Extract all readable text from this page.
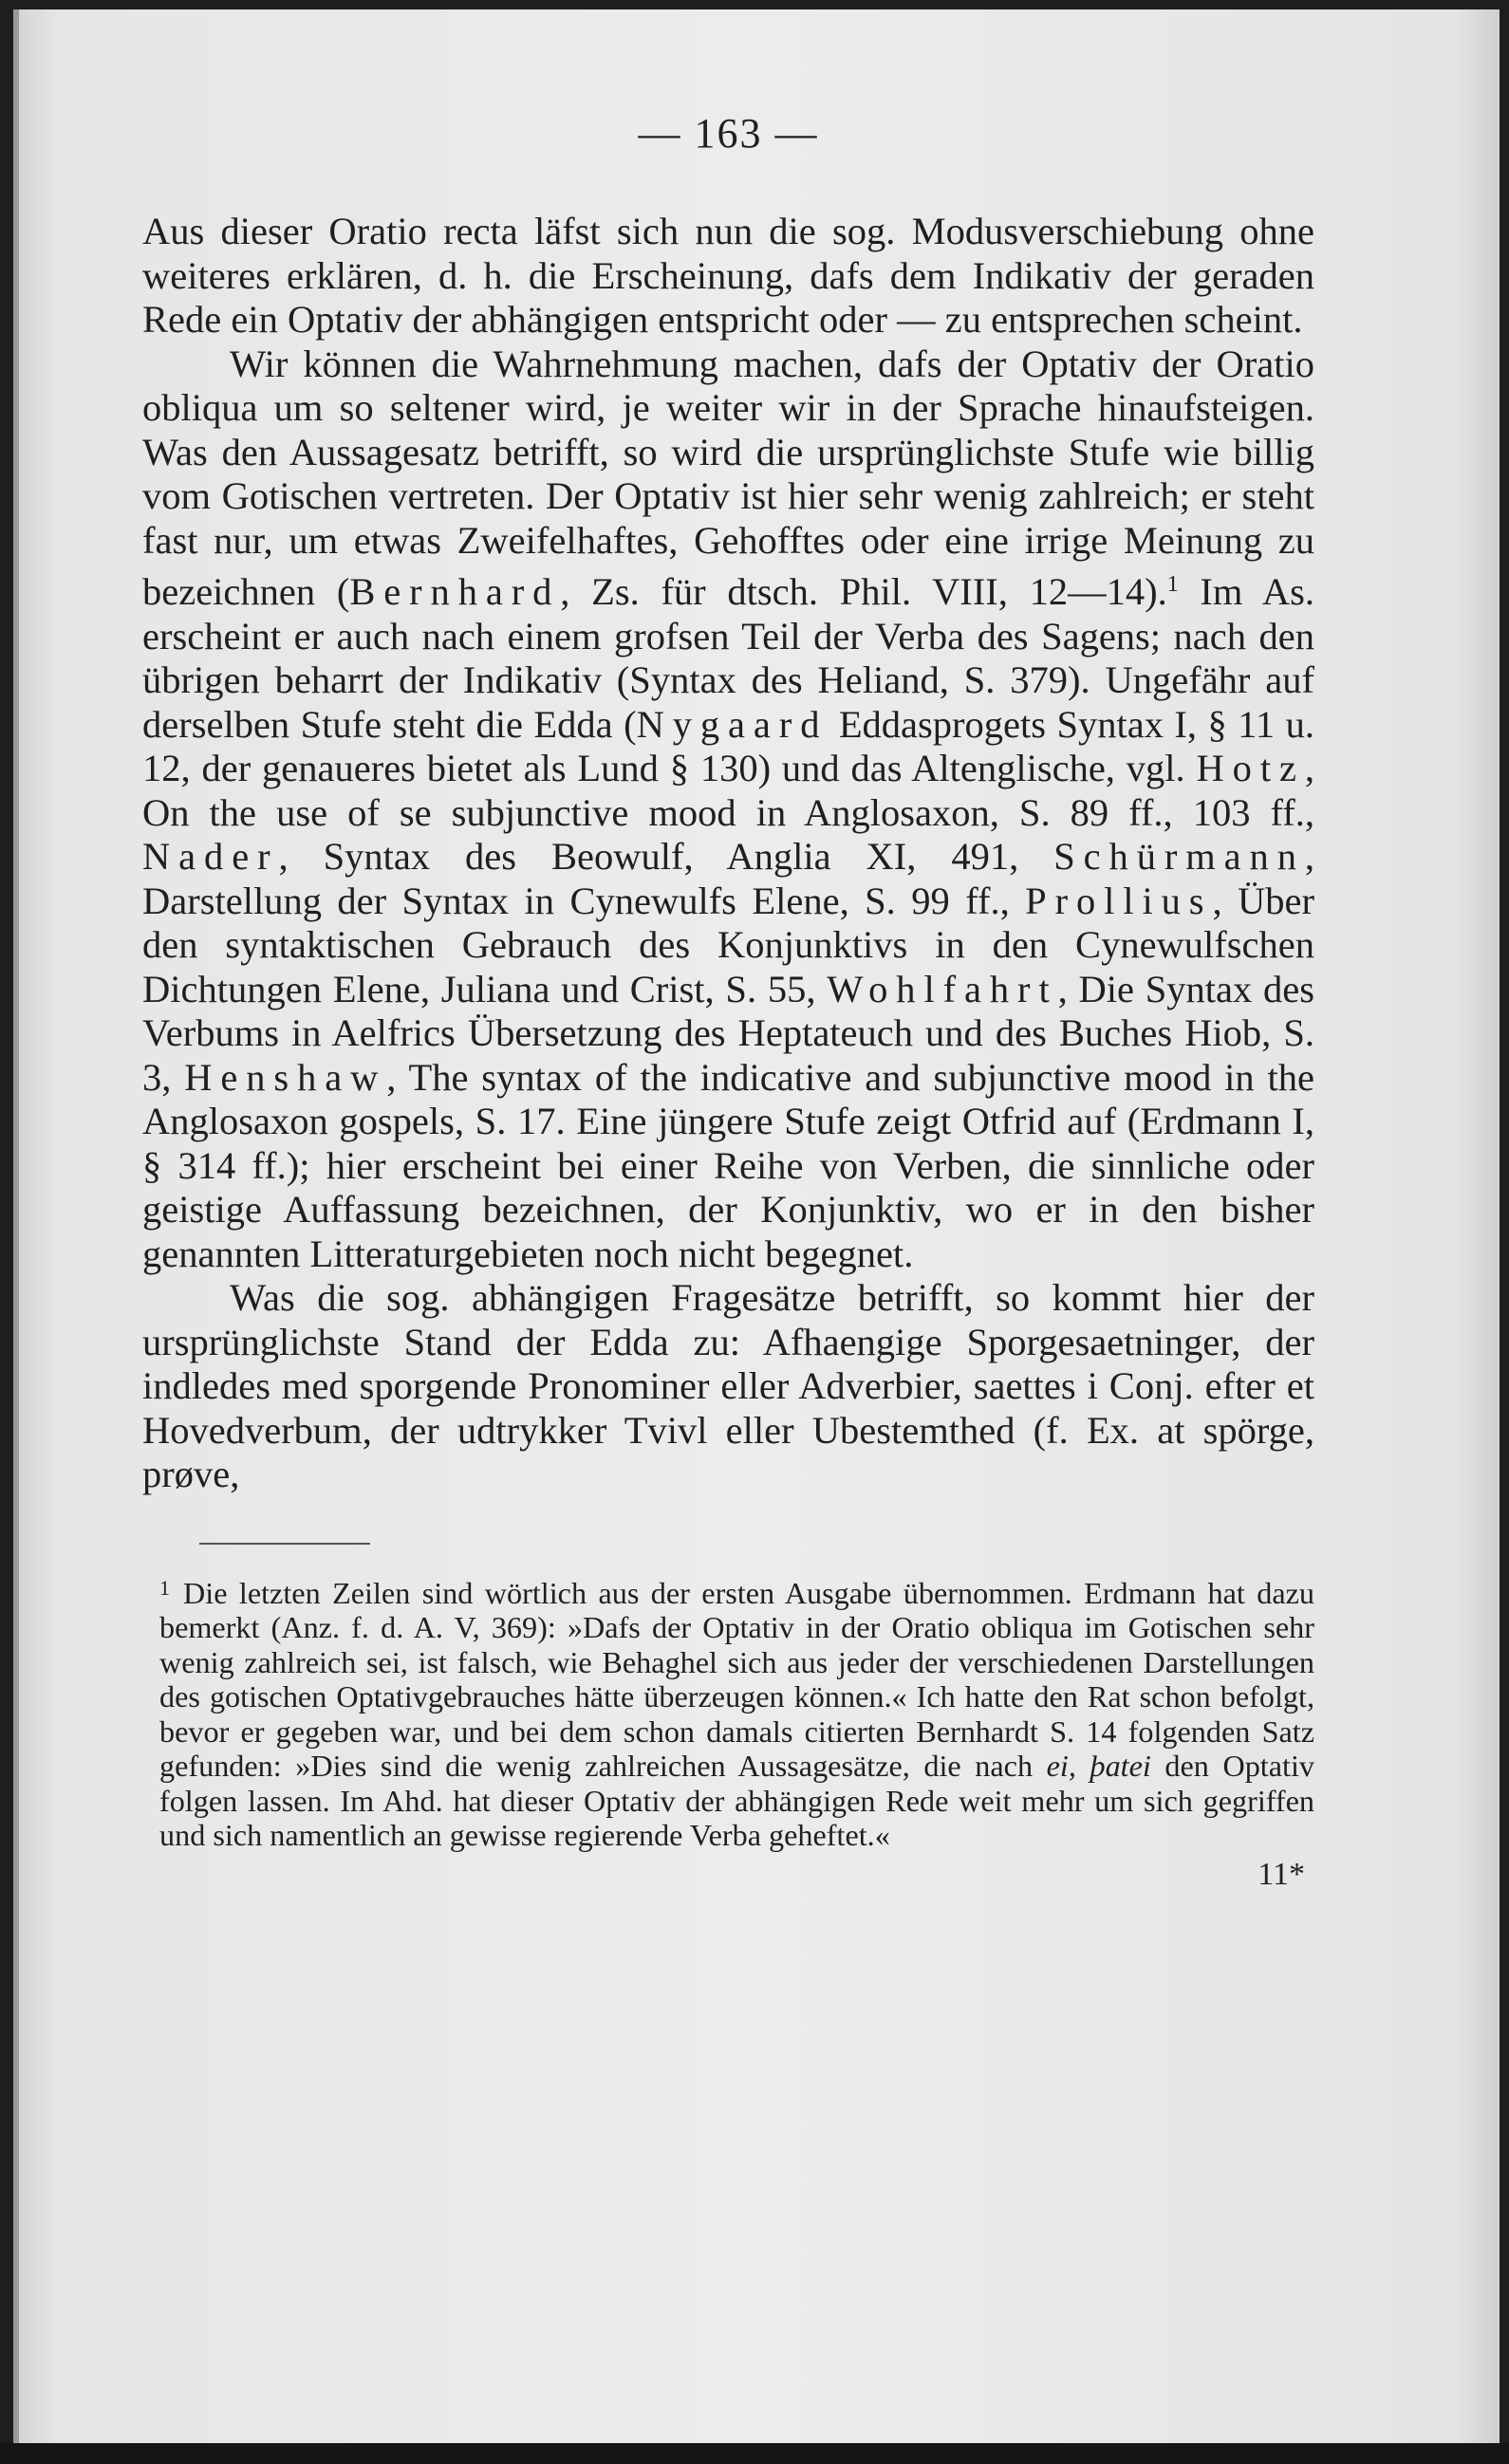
— 163 —

Aus dieser Oratio recta läfst sich nun die sog. Modusverschiebung ohne weiteres erklären, d. h. die Erscheinung, dafs dem Indikativ der geraden Rede ein Optativ der abhängigen entspricht oder — zu entsprechen scheint.

Wir können die Wahrnehmung machen, dafs der Optativ der Oratio obliqua um so seltener wird, je weiter wir in der Sprache hinaufsteigen. Was den Aussagesatz betrifft, so wird die ursprünglichste Stufe wie billig vom Gotischen vertreten. Der Optativ ist hier sehr wenig zahlreich; er steht fast nur, um etwas Zweifelhaftes, Gehofftes oder eine irrige Meinung zu bezeichnen (Bernhard, Zs. für dtsch. Phil. VIII, 12—14).$^1$ Im As. erscheint er auch nach einem grofsen Teil der Verba des Sagens; nach den übrigen beharrt der Indikativ (Syntax des Heliand, S. 379). Ungefähr auf derselben Stufe steht die Edda (Nygaard Eddasprogets Syntax I, § 11 u. 12, der genaueres bietet als Lund § 130) und das Altenglische, vgl. Hotz, On the use of se subjunctive mood in Anglosaxon, S. 89 ff., 103 ff., Nader, Syntax des Beowulf, Anglia XI, 491, Schürmann, Darstellung der Syntax in Cynewulfs Elene, S. 99 ff., Prollius, Über den syntaktischen Gebrauch des Konjunktivs in den Cynewulfschen Dichtungen Elene, Juliana und Crist, S. 55, Wohlfahrt, Die Syntax des Verbums in Aelfrics Übersetzung des Heptateuch und des Buches Hiob, S. 3, Henshaw, The syntax of the indicative and subjunctive mood in the Anglosaxon gospels, S. 17. Eine jüngere Stufe zeigt Otfrid auf (Erdmann I, § 314 ff.); hier erscheint bei einer Reihe von Verben, die sinnliche oder geistige Auffassung bezeichnen, der Konjunktiv, wo er in den bisher genannten Litteraturgebieten noch nicht begegnet.

Was die sog. abhängigen Fragesätze betrifft, so kommt hier der ursprünglichste Stand der Edda zu: Afhaengige Sporgesaetninger, der indledes med sporgende Pronominer eller Adverbier, saettes i Conj. efter et Hovedverbum, der udtrykker Tvivl eller Ubestemthed (f. Ex. at spörge, prøve,

$^1$ Die letzten Zeilen sind wörtlich aus der ersten Ausgabe übernommen. Erdmann hat dazu bemerkt (Anz. f. d. A. V, 369): »Dafs der Optativ in der Oratio obliqua im Gotischen sehr wenig zahlreich sei, ist falsch, wie Behaghel sich aus jeder der verschiedenen Darstellungen des gotischen Optativgebrauches hätte überzeugen können.« Ich hatte den Rat schon befolgt, bevor er gegeben war, und bei dem schon damals citierten Bernhardt S. 14 folgenden Satz gefunden: »Dies sind die wenig zahlreichen Aussagesätze, die nach ei, þatei den Optativ folgen lassen. Im Ahd. hat dieser Optativ der abhängigen Rede weit mehr um sich gegriffen und sich namentlich an gewisse regierende Verba geheftet.«

11*
